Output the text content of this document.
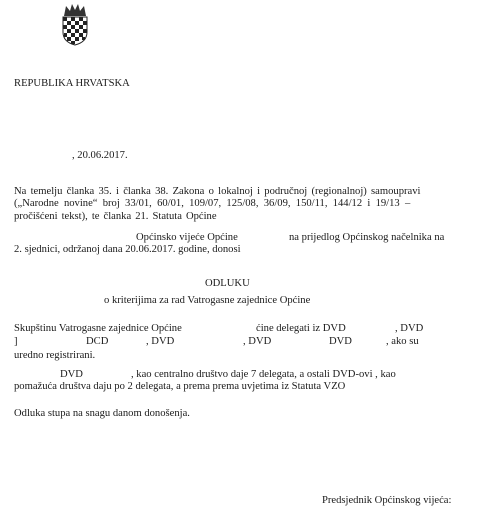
REPUBLIKA HRVATSKA
, 20.06.2017.
Na temelju članka 35. i članka 38. Zakona o lokalnoj i područnoj (regionalnoj) samoupravi
(„Narodne novine“ broj 33/01, 60/01, 109/07, 125/08, 36/09, 150/11, 144/12 i 19/13 –
pročišćeni tekst), te članka 21. Statuta Općine
Općinsko vijeće Općine	na prijedlog Općinskog načelnika na
2. sjednici, održanoj dana 20.06.2017. godine, donosi
ODLUKU
o kriterijima za rad Vatrogasne zajednice Općine
Skupštinu Vatrogasne zajednice Općine	ćine delegati iz DVD	, DVD
]	DCD	, DVD	, DVD	DVD	, ako su
uredno registrirani.
DVD	, kao centralno društvo daje 7 delegata, a ostali DVD-ovi , kao
pomažuća društva daju po 2 delegata, a prema prema uvjetima iz Statuta VZO
Odluka stupa na snagu danom donošenja.
Predsjednik Općinskog vijeća:
